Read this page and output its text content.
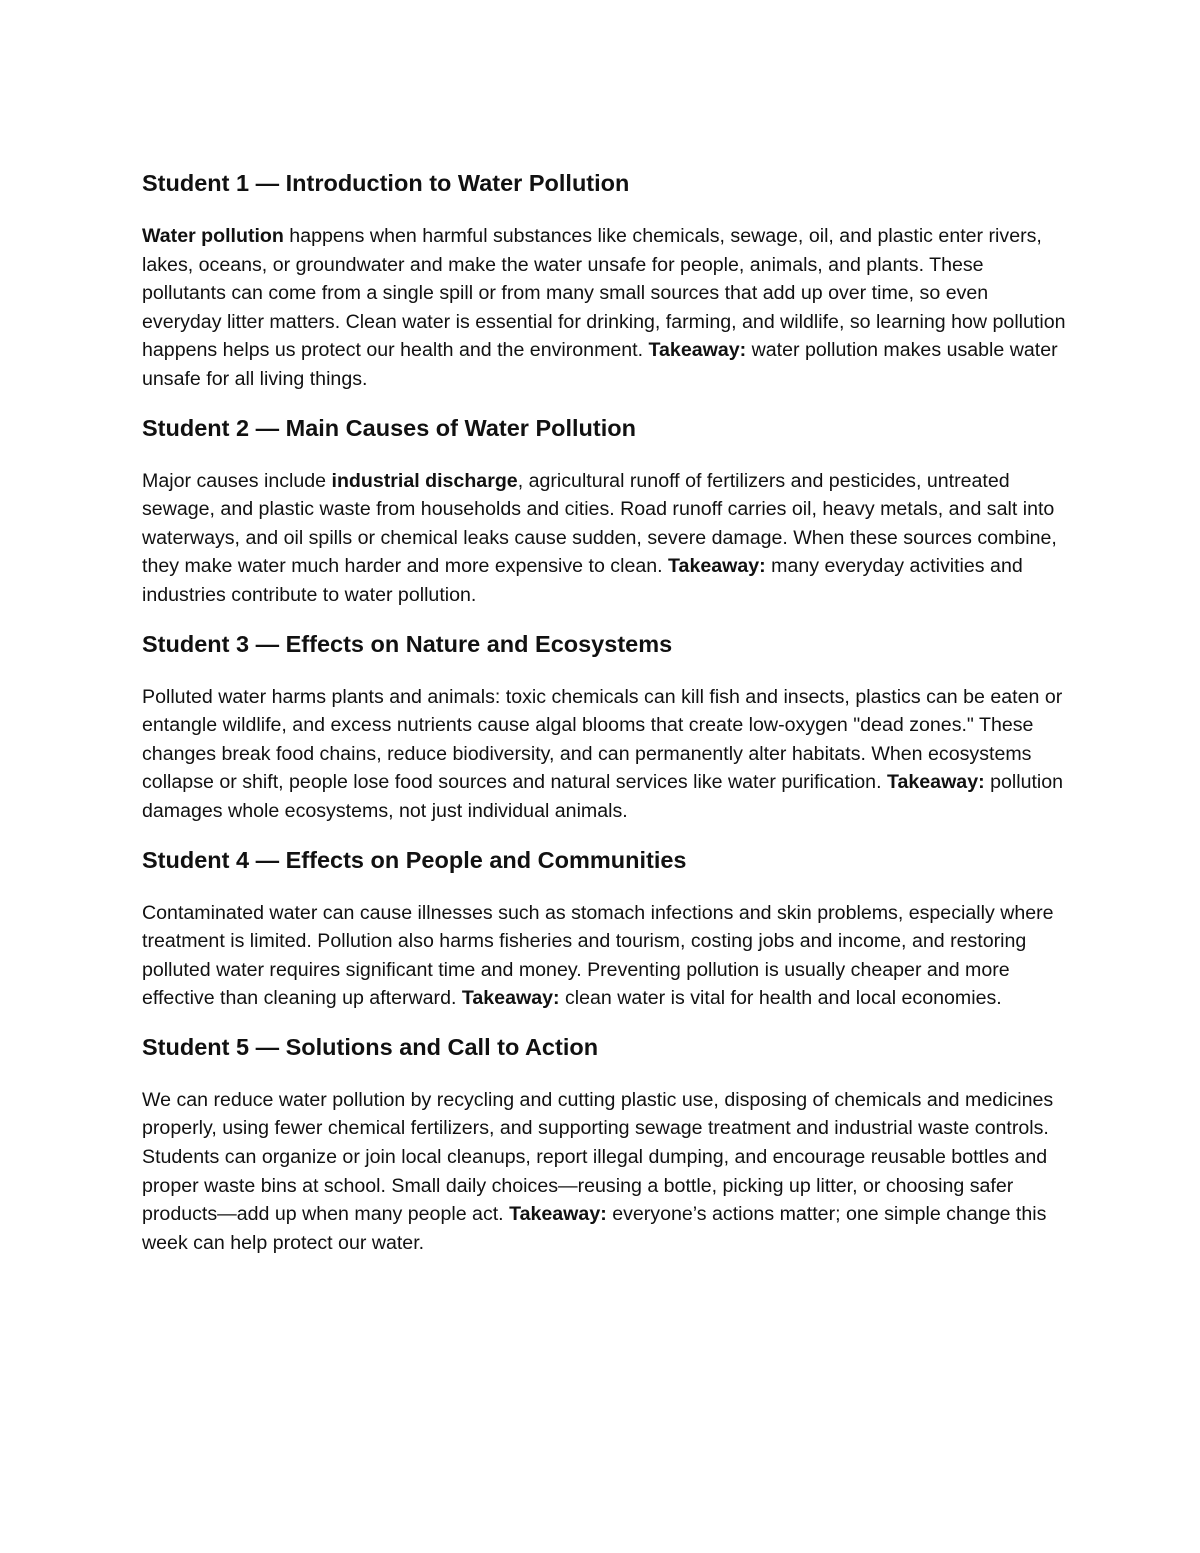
Student 1 — Introduction to Water Pollution

Water pollution happens when harmful substances like chemicals, sewage, oil, and plastic enter rivers, lakes, oceans, or groundwater and make the water unsafe for people, animals, and plants. These pollutants can come from a single spill or from many small sources that add up over time, so even everyday litter matters. Clean water is essential for drinking, farming, and wildlife, so learning how pollution happens helps us protect our health and the environment. Takeaway: water pollution makes usable water unsafe for all living things.

Student 2 — Main Causes of Water Pollution

Major causes include industrial discharge, agricultural runoff of fertilizers and pesticides, untreated sewage, and plastic waste from households and cities. Road runoff carries oil, heavy metals, and salt into waterways, and oil spills or chemical leaks cause sudden, severe damage. When these sources combine, they make water much harder and more expensive to clean. Takeaway: many everyday activities and industries contribute to water pollution.

Student 3 — Effects on Nature and Ecosystems

Polluted water harms plants and animals: toxic chemicals can kill fish and insects, plastics can be eaten or entangle wildlife, and excess nutrients cause algal blooms that create low-oxygen "dead zones." These changes break food chains, reduce biodiversity, and can permanently alter habitats. When ecosystems collapse or shift, people lose food sources and natural services like water purification. Takeaway: pollution damages whole ecosystems, not just individual animals.

Student 4 — Effects on People and Communities

Contaminated water can cause illnesses such as stomach infections and skin problems, especially where treatment is limited. Pollution also harms fisheries and tourism, costing jobs and income, and restoring polluted water requires significant time and money. Preventing pollution is usually cheaper and more effective than cleaning up afterward. Takeaway: clean water is vital for health and local economies.

Student 5 — Solutions and Call to Action

We can reduce water pollution by recycling and cutting plastic use, disposing of chemicals and medicines properly, using fewer chemical fertilizers, and supporting sewage treatment and industrial waste controls. Students can organize or join local cleanups, report illegal dumping, and encourage reusable bottles and proper waste bins at school. Small daily choices—reusing a bottle, picking up litter, or choosing safer products—add up when many people act. Takeaway: everyone’s actions matter; one simple change this week can help protect our water.
